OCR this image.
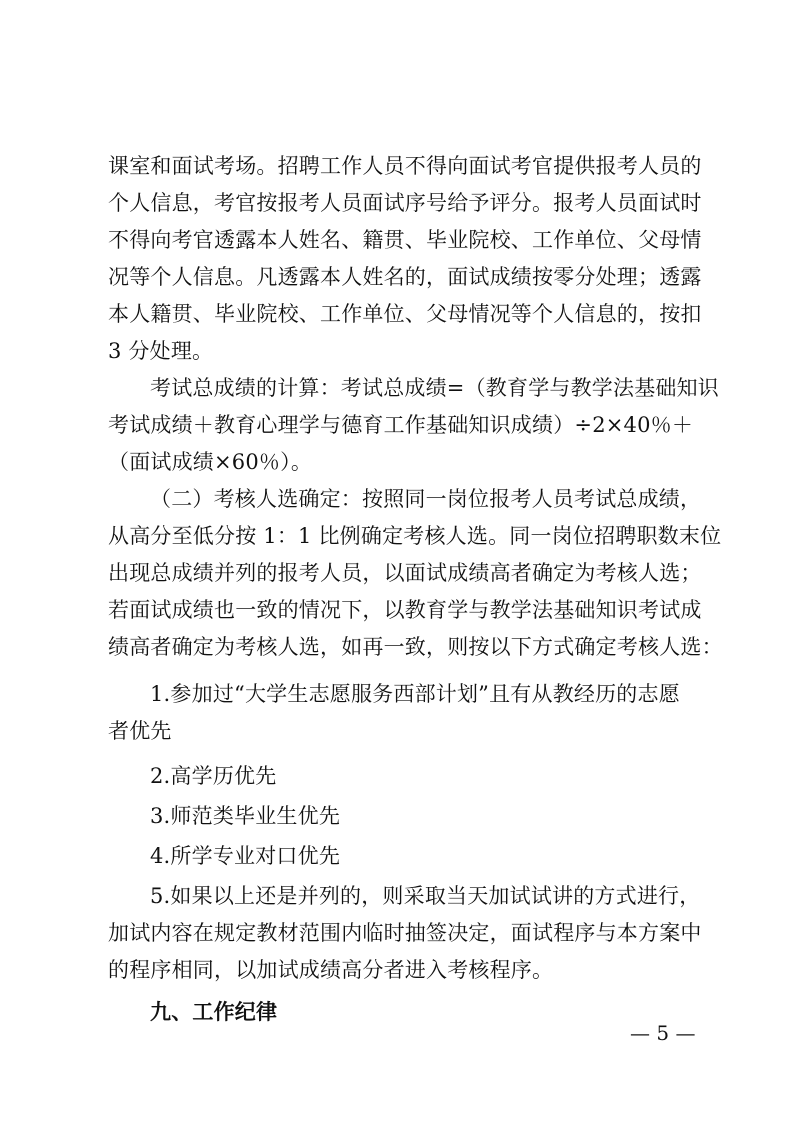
课室和面试考场。招聘工作人员不得向面试考官提供报考人员的

个人信息，考官按报考人员面试序号给予评分。报考人员面试时

不得向考官透露本人姓名、籍贯、毕业院校、工作单位、父母情

况等个人信息。凡透露本人姓名的，面试成绩按零分处理；透露

本人籍贯、毕业院校、工作单位、父母情况等个人信息的，按扣

3 分处理。

考试总成绩的计算：考试总成绩=（教育学与教学法基础知识

考试成绩＋教育心理学与德育工作基础知识成绩）÷2×40％＋

（面试成绩×60％）。

（二）考核人选确定：按照同一岗位报考人员考试总成绩，

从高分至低分按 1：1 比例确定考核人选。同一岗位招聘职数末位

出现总成绩并列的报考人员，以面试成绩高者确定为考核人选；

若面试成绩也一致的情况下，以教育学与教学法基础知识考试成

绩高者确定为考核人选，如再一致，则按以下方式确定考核人选：

1.参加过“大学生志愿服务西部计划”且有从教经历的志愿

者优先

2.高学历优先

3.师范类毕业生优先

4.所学专业对口优先

5.如果以上还是并列的，则采取当天加试试讲的方式进行，

加试内容在规定教材范围内临时抽签决定，面试程序与本方案中

的程序相同，以加试成绩高分者进入考核程序。

九、工作纪律

— 5 —
